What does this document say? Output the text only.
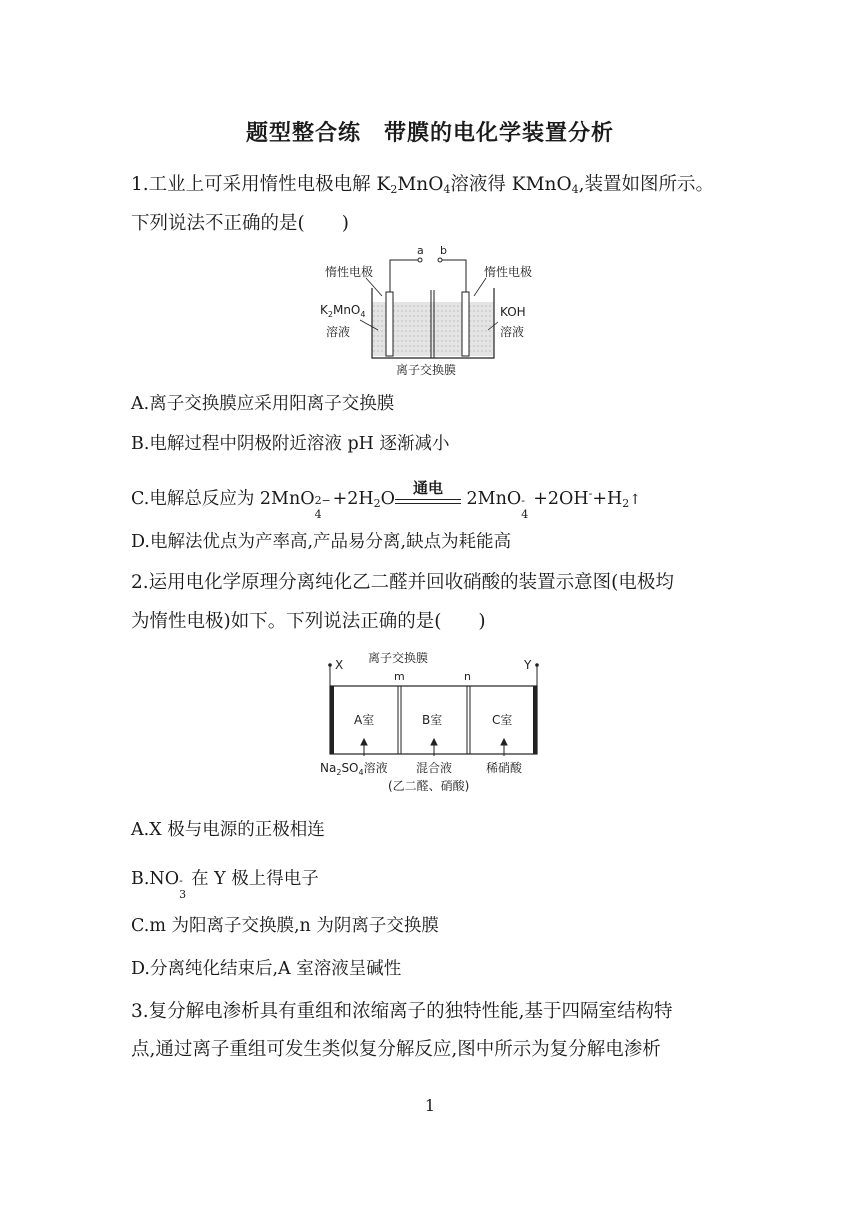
题型整合练　带膜的电化学装置分析
1.工业上可采用惰性电极电解 $K_2MnO_4$溶液得 KMnO$_4$,装置如图所示。
下列说法不正确的是(　　)
a b
惰性电极	惰性电极
$K_2MnO_4$
溶液
KOH
溶液
离子交换膜
A.离子交换膜应采用阳离子交换膜
B.电解过程中阴极附近溶液 pH 逐渐减小
C.电解总反应为 2MnO 2−
4
$+2H_2O$
通电
2MnO -
4
$+2OH^-+H_2↑$
D.电解法优点为产率高,产品易分离,缺点为耗能高
2.运用电化学原理分离纯化乙二醛并回收硝酸的装置示意图(电极均
为惰性电极)如下。下列说法正确的是(　　)
离子交换膜
X	Y
m	n
A室	B室	C室
$Na_2SO_4$溶液 混合液
(乙二醛、硝酸)
稀硝酸
A.X 极与电源的正极相连
B.NO -
3
在 Y 极上得电子
C.m 为阳离子交换膜,n 为阴离子交换膜
D.分离纯化结束后,A 室溶液呈碱性
3.复分解电渗析具有重组和浓缩离子的独特性能,基于四隔室结构特
点,通过离子重组可发生类似复分解反应,图中所示为复分解电渗析
1
